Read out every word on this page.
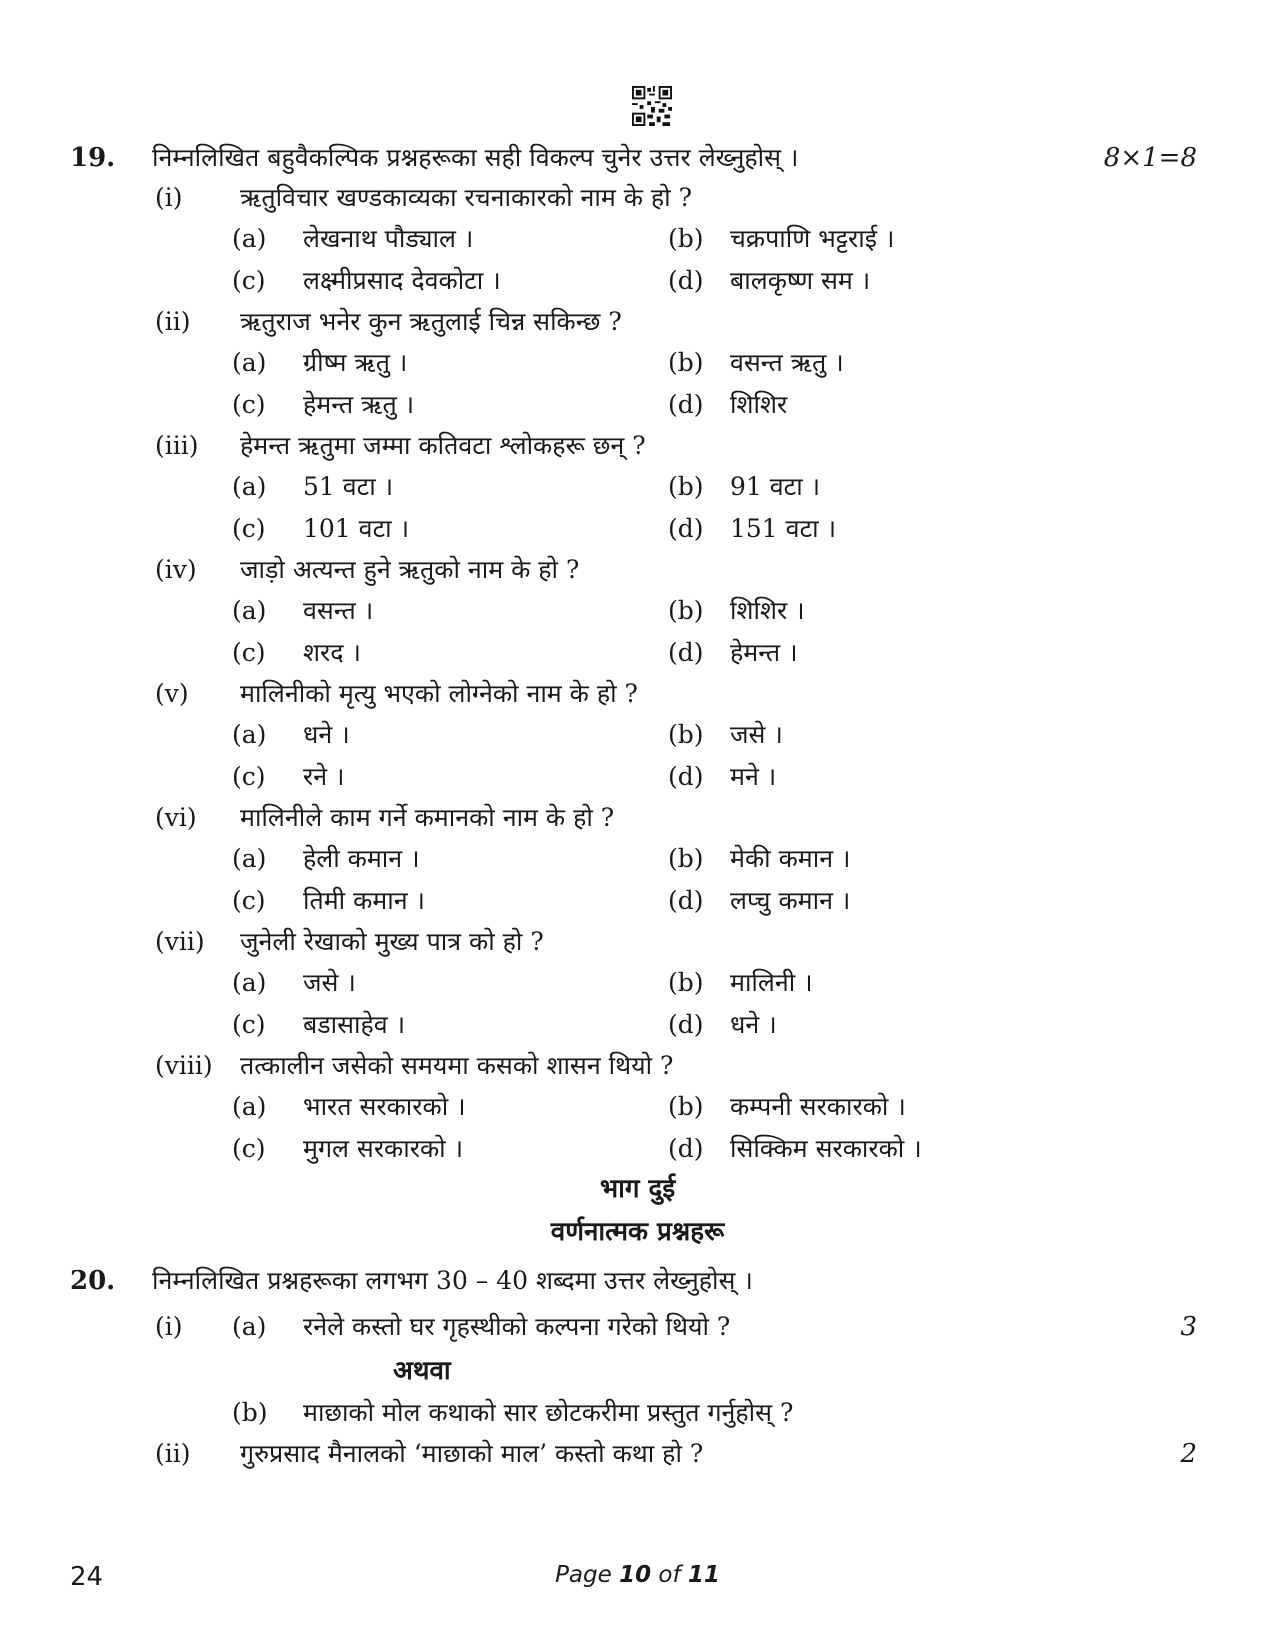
19. निम्नलिखित बहुवैकल्पिक प्रश्नहरूका सही विकल्प चुनेर उत्तर लेख्नुहोस् ।	8×1=8
(i) ऋतुविचार खण्डकाव्यका रचनाकारको नाम के हो ?
(a) लेखनाथ पौड्याल ।	(b) चक्रपाणि भट्टराई ।
(c) लक्ष्मीप्रसाद देवकोटा ।	(d) बालकृष्ण सम ।
(ii) ऋतुराज भनेर कुन ऋतुलाई चिन्न सकिन्छ ?
(a) ग्रीष्म ऋतु ।	(b) वसन्त ऋतु ।
(c) हेमन्त ऋतु ।	(d) शिशिर
(iii) हेमन्त ऋतुमा जम्मा कतिवटा श्लोकहरू छन् ?
(a) 51 वटा ।	(b) 91 वटा ।
(c) 101 वटा ।	(d) 151 वटा ।
(iv) जाड़ो अत्यन्त हुने ऋतुको नाम के हो ?
(a) वसन्त ।	(b) शिशिर ।
(c) शरद ।	(d) हेमन्त ।
(v) मालिनीको मृत्यु भएको लोग्नेको नाम के हो ?
(a) धने ।	(b) जसे ।
(c) रने ।	(d) मने ।
(vi) मालिनीले काम गर्ने कमानको नाम के हो ?
(a) हेली कमान ।	(b) मेकी कमान ।
(c) तिमी कमान ।	(d) लप्चु कमान ।
(vii) जुनेली रेखाको मुख्य पात्र को हो ?
(a) जसे ।	(b) मालिनी ।
(c) बडासाहेव ।	(d) धने ।
(viii) तत्कालीन जसेको समयमा कसको शासन थियो ?
(a) भारत सरकारको ।	(b) कम्पनी सरकारको ।
(c) मुगल सरकारको ।	(d) सिक्किम सरकारको ।
भाग दुई
वर्णनात्मक प्रश्नहरू
20. निम्नलिखित प्रश्नहरूका लगभग 30 – 40 शब्दमा उत्तर लेख्नुहोस् ।
(i) (a) रनेले कस्तो घर गृहस्थीको कल्पना गरेको थियो ?	3
अथवा
(b) माछाको मोल कथाको सार छोटकरीमा प्रस्तुत गर्नुहोस् ?
(ii) गुरुप्रसाद मैनालको ‘माछाको माल’ कस्तो कथा हो ?	2
24	Page 10 of 11
